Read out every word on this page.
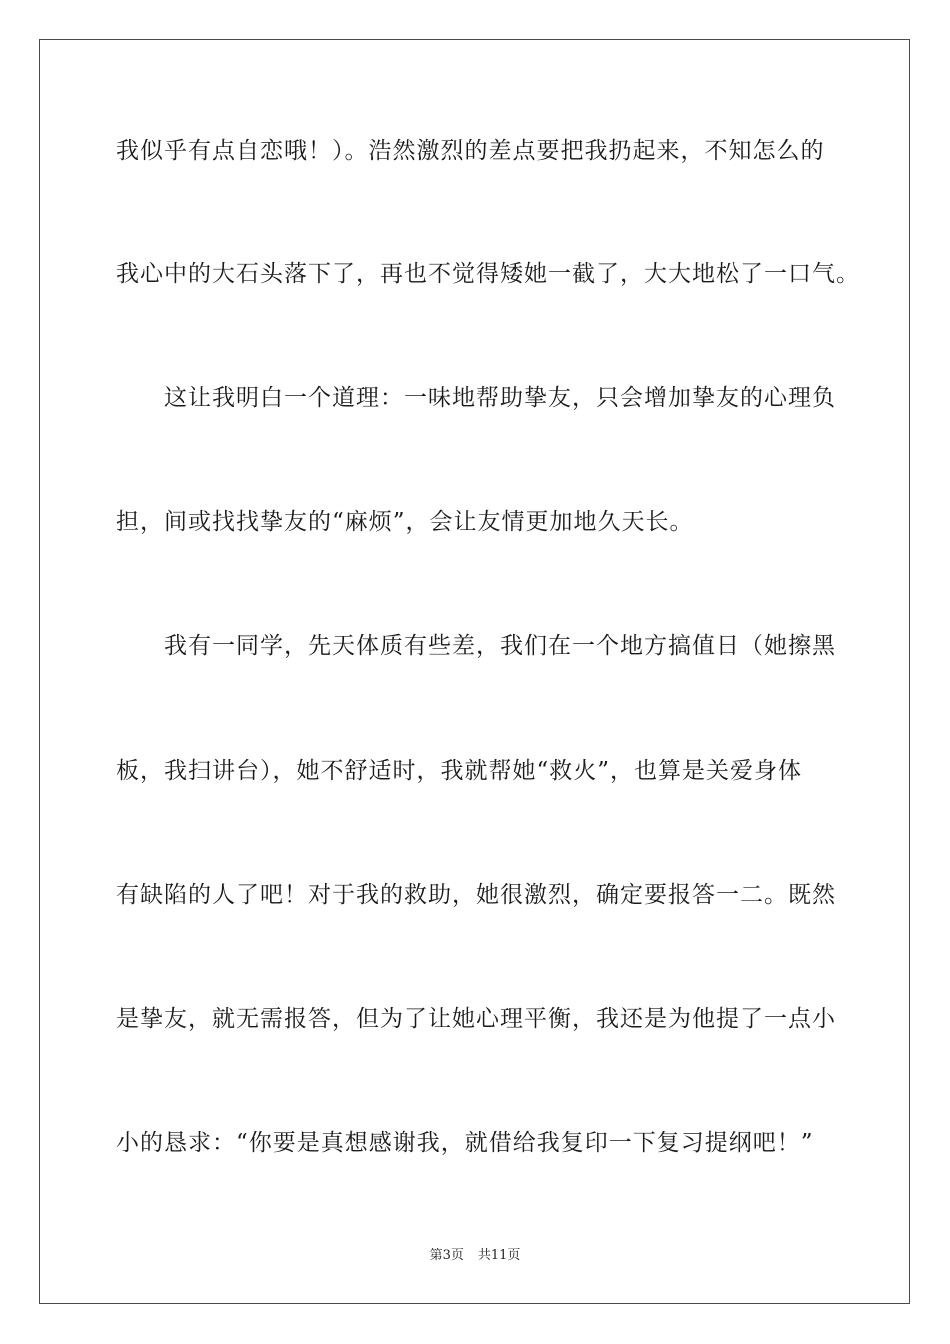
我似乎有点自恋哦！）。浩然激烈的差点要把我扔起来，不知怎么的
我心中的大石头落下了，再也不觉得矮她一截了，大大地松了一口气。
这让我明白一个道理：一味地帮助挚友，只会增加挚友的心理负
担，间或找找挚友的“麻烦”，会让友情更加地久天长。
我有一同学，先天体质有些差，我们在一个地方搞值日（她擦黑
板，我扫讲台），她不舒适时，我就帮她“救火”，也算是关爱身体
有缺陷的人了吧！对于我的救助，她很激烈，确定要报答一二。既然
是挚友，就无需报答，但为了让她心理平衡，我还是为他提了一点小
小的恳求：“你要是真想感谢我，就借给我复印一下复习提纲吧！”
第3页 共11页
